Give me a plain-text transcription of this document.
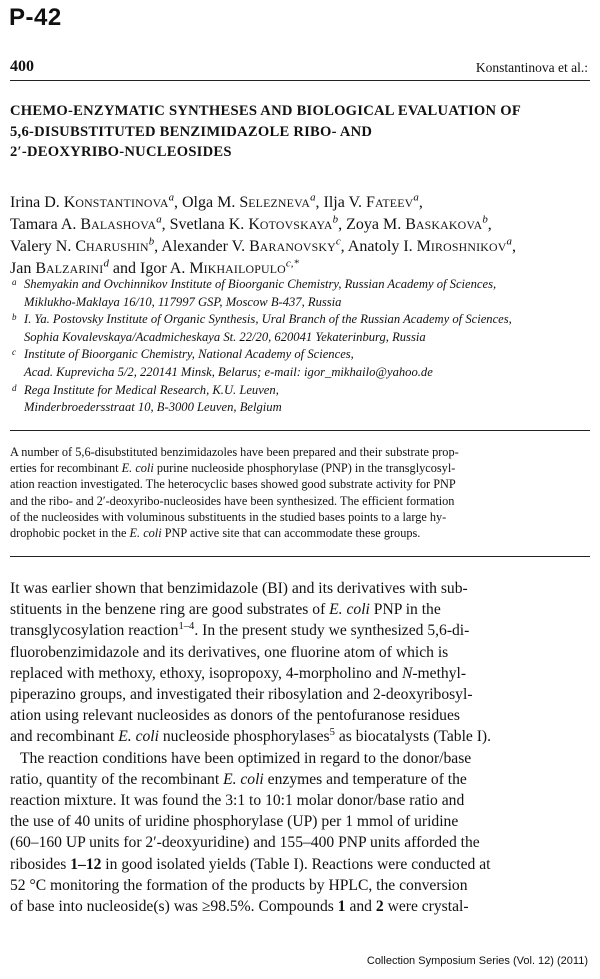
P-42
400	Konstantinova et al.:
CHEMO-ENZYMATIC SYNTHESES AND BIOLOGICAL EVALUATION OF
5,6-DISUBSTITUTED BENZIMIDAZOLE RIBO- AND
2′-DEOXYRIBO-NUCLEOSIDES
Irina D. KONSTANTINOVA$^a$, Olga M. SELEZNEVA$^a$, Ilja V. FATEEV$^a$,
Tamara A. BALASHOVA$^a$, Svetlana K. KOTOVSKAYA$^b$, Zoya M. BASKAKOVA$^b$,
Valery N. CHARUSHIN$^b$, Alexander V. BARANOVSKY$^c$, Anatoly I. MIROSHNIKOV$^a$,
Jan BALZARINI$^d$ and Igor A. $MIKHAILOPULO^{c,*}$
a Shemyakin and Ovchinnikov Institute of Bioorganic Chemistry, Russian Academy of Sciences,
Miklukho-Maklaya 16/10, 117997 GSP, Moscow B-437, Russia
b I. Ya. Postovsky Institute of Organic Synthesis, Ural Branch of the Russian Academy of Sciences,
Sophia Kovalevskaya/Acadmicheskaya St. 22/20, 620041 Yekaterinburg, Russia
c Institute of Bioorganic Chemistry, National Academy of Sciences,
Acad. Kuprevicha 5/2, 220141 Minsk, Belarus; e-mail: igor_mikhailo@yahoo.de
d Rega Institute for Medical Research, K.U. Leuven,
Minderbroedersstraat 10, B-3000 Leuven, Belgium
A number of 5,6-disubstituted benzimidazoles have been prepared and their substrate prop-
erties for recombinant E. coli purine nucleoside phosphorylase (PNP) in the transglycosyl-
ation reaction investigated. The heterocyclic bases showed good substrate activity for PNP
and the ribo- and 2′-deoxyribo-nucleosides have been synthesized. The efficient formation
of the nucleosides with voluminous substituents in the studied bases points to a large hy-
drophobic pocket in the E. coli PNP active site that can accommodate these groups.
It was earlier shown that benzimidazole (BI) and its derivatives with sub-
stituents in the benzene ring are good substrates of E. coli PNP in the
transglycosylation reaction$^{1-4}$. In the present study we synthesized 5,6-di-
fluorobenzimidazole and its derivatives, one fluorine atom of which is
replaced with methoxy, ethoxy, isopropoxy, 4-morpholino and N-methyl-
piperazino groups, and investigated their ribosylation and 2-deoxyribosyl-
ation using relevant nucleosides as donors of the pentofuranose residues
and recombinant E. coli nucleoside phosphorylases$^5$ as biocatalysts (Table I).
The reaction conditions have been optimized in regard to the donor/base
ratio, quantity of the recombinant E. coli enzymes and temperature of the
reaction mixture. It was found the 3:1 to 10:1 molar donor/base ratio and
the use of 40 units of uridine phosphorylase (UP) per 1 mmol of uridine
(60–160 UP units for 2′-deoxyuridine) and 155–400 PNP units afforded the
ribosides 1–12 in good isolated yields (Table I). Reactions were conducted at
52 °C monitoring the formation of the products by HPLC, the conversion
of base into nucleoside(s) was ≥98.5%. Compounds 1 and 2 were crystal-
Collection Symposium Series (Vol. 12) (2011)
